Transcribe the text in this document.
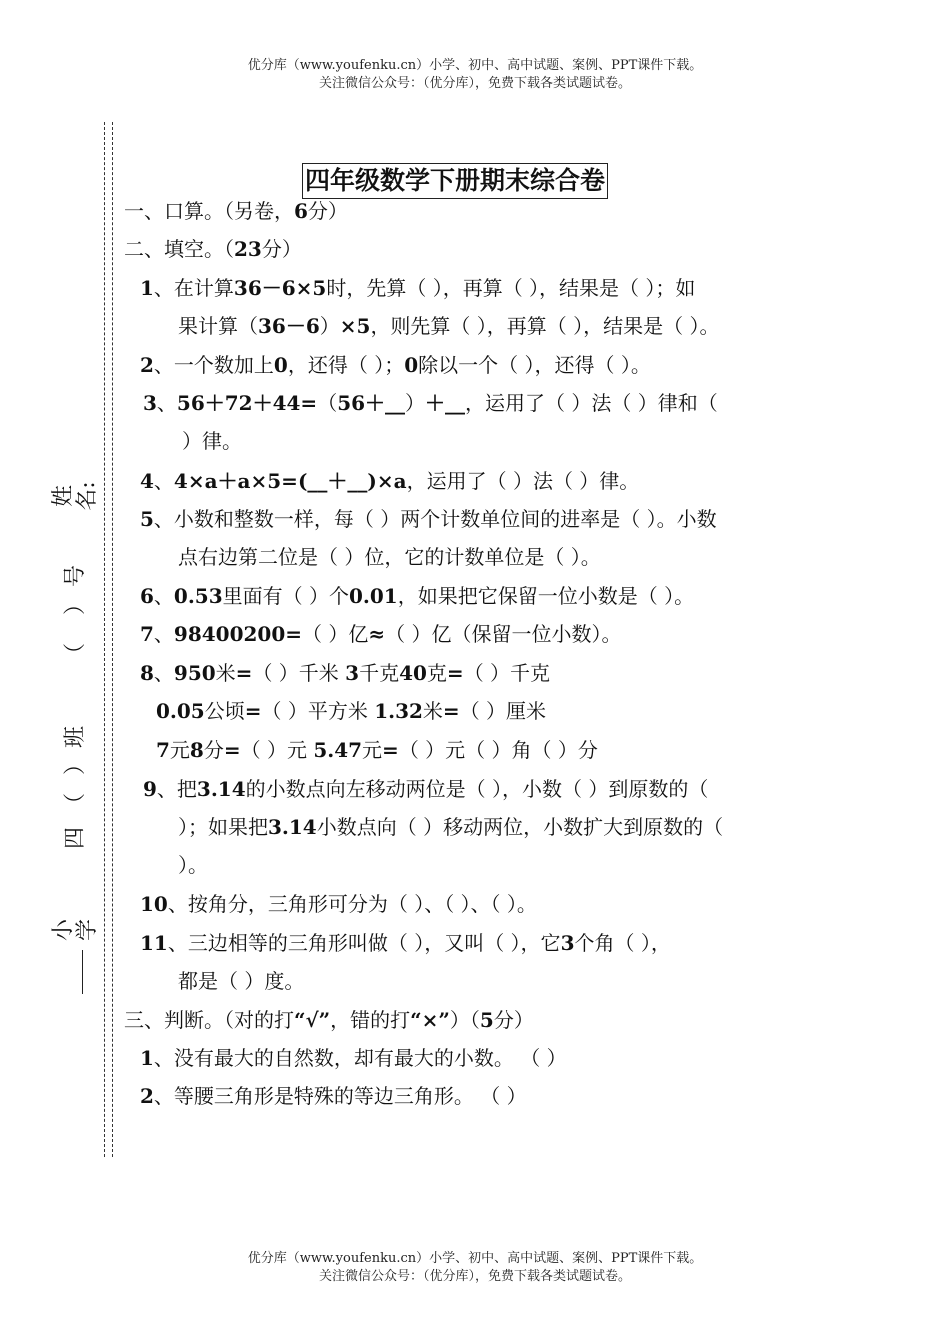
优分库（www.youfenku.cn）小学、初中、高中试题、案例、PPT课件下载。
关注微信公众号：（优分库），免费下载各类试题试卷。
姓名:
号
）
（
班
）
（
四
小学
四年级数学下册期末综合卷
一、口算。（另卷，6分）
二、填空。（23分）
1、在计算36－6×5时，先算（ ），再算（ ），结果是（ ）；如
果计算（36－6）×5，则先算（ ），再算（ ），结果是（ ）。
2、一个数加上0，还得（ ）；0除以一个（ ），还得（ ）。
3、56＋72＋44=（56＋__）＋__，运用了（ ）法（ ）律和（
）律。
4、4×a＋a×5=(__＋__)×a，运用了（ ）法（ ）律。
5、小数和整数一样，每（ ）两个计数单位间的进率是（ ）。小数
点右边第二位是（ ）位，它的计数单位是（ ）。
6、0.53里面有（ ）个0.01，如果把它保留一位小数是（ ）。
7、98400200=（ ）亿≈（ ）亿（保留一位小数）。
8、950米=（ ）千米 3千克40克=（ ）千克
0.05公顷=（ ）平方米 1.32米=（ ）厘米
7元8分=（ ）元 5.47元=（ ）元（ ）角（ ）分
9、把3.14的小数点向左移动两位是（ ），小数（ ）到原数的（
）；如果把3.14小数点向（ ）移动两位，小数扩大到原数的（
）。
10、按角分，三角形可分为（ ）、（ ）、（ ）。
11、三边相等的三角形叫做（ ），又叫（ ），它3个角（ ），
都是（ ）度。
三、判断。（对的打“√”，错的打“×”）（5分）
1、没有最大的自然数，却有最大的小数。 （ ）
2、等腰三角形是特殊的等边三角形。 （ ）
优分库（www.youfenku.cn）小学、初中、高中试题、案例、PPT课件下载。
关注微信公众号：（优分库），免费下载各类试题试卷。
